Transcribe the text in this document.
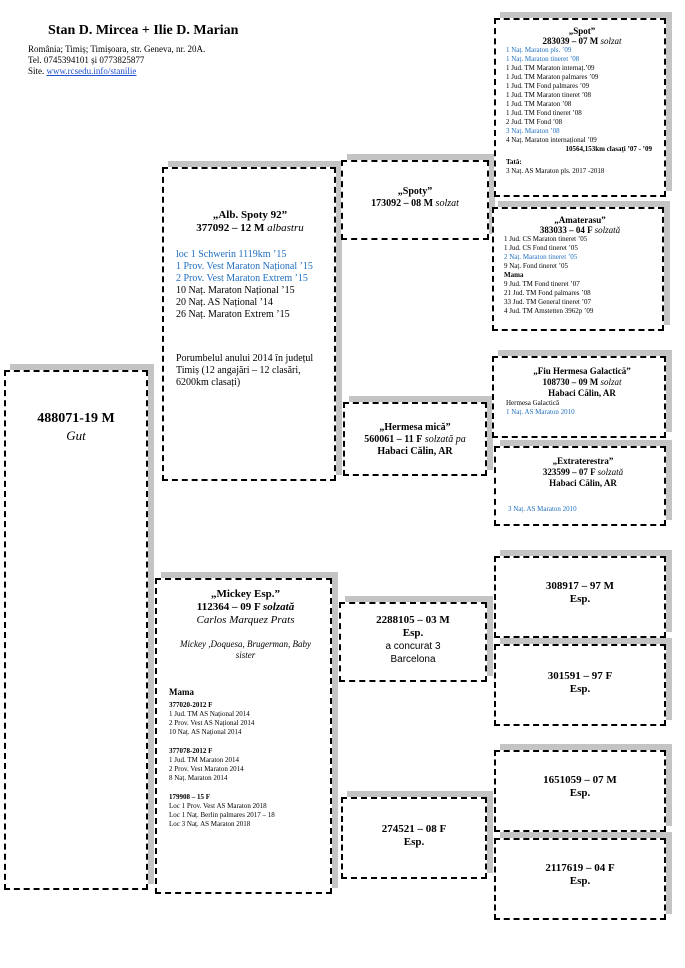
Stan D. Mircea + Ilie D. Marian
România; Timiș; Timișoara, str. Geneva, nr. 20A.
Tel. 0745394101 și 0773825877
Site. www.rcsedu.info/stanilie
488071-19 M
Gut
„Alb. Spoty 92”
377092 – 12 M albastru
loc 1 Schwerin 1119km ’15
1 Prov. Vest Maraton Național ’15
2 Prov. Vest Maraton Extrem ’15
10 Naț. Maraton Național ’15
20 Naț. AS Național ’14
26 Naț. Maraton Extrem ’15
Porumbelul anului 2014 în județul Timiș (12 angajări – 12 clasări, 6200km clasați)
„Mickey Esp.”
112364 – 09 F solzată
Carlos Marquez Prats
Mickey ,Doquesa, Brugerman, Baby sister
Mama
377020-2012 F
1 Jud. TM AS Național 2014
2 Prov. Vest AS Național 2014
10 Naț. AS Național 2014
377078-2012 F
1 Jud. TM Maraton 2014
2 Prov. Vest Maraton 2014
8 Naț. Maraton 2014
179908 – 15 F
Loc 1 Prov. Vest AS Maraton 2018
Loc 1 Naț. Berlin palmares 2017 – 18
Loc 3 Naț. AS Maraton 2018
„Spoty”
173092 – 08 M solzat
„Hermesa mică”
560061 – 11 F solzată pa
Habaci Călin, AR
2288105 – 03 M
Esp.
a concurat 3
Barcelona
274521 – 08 F
Esp.
„Spot”
283039 – 07 M solzat
1 Naț. Maraton pls. ’09
1 Naț. Maraton tineret ’08
1 Jud. TM Maraton internaț.’09
1 Jud. TM Maraton palmares ’09
1 Jud. TM Fond palmares ’09
1 Jud. TM Maraton tineret ’08
1 Jud. TM Maraton ’08
1 Jud. TM Fond tineret ’08
2 Jud. TM Fond ’08
3 Naț. Maraton ’08
4 Naț. Maraton internațional ’09
10564,153km clasați ’07 - ’09
Tată:
3 Naț. AS Maraton pls. 2017 -2018
„Amaterasu”
383033 – 04 F solzată
1 Jud. CS Maraton tineret ’05
1 Jud. CS Fond tineret ’05
2 Naț. Maraton tineret ’05
9 Naț. Fond tineret ’05
Mama
9 Jud. TM Fond tineret ’07
21 Jud. TM Fond palmares ’08
33 Jud. TM General tineret ’07
4 Jud. TM Amstetten 3962p ’09
„Fiu Hermesa Galactică”
108730 – 09 M solzat
Habaci Călin, AR
Hermesa Galactică
1 Naț. AS Maraton 2010
„Extraterestra”
323599 – 07 F solzată
Habaci Călin, AR
3 Naț. AS Maraton 2010
308917 – 97 M
Esp.
301591 – 97 F
Esp.
1651059 – 07 M
Esp.
2117619 – 04 F
Esp.
